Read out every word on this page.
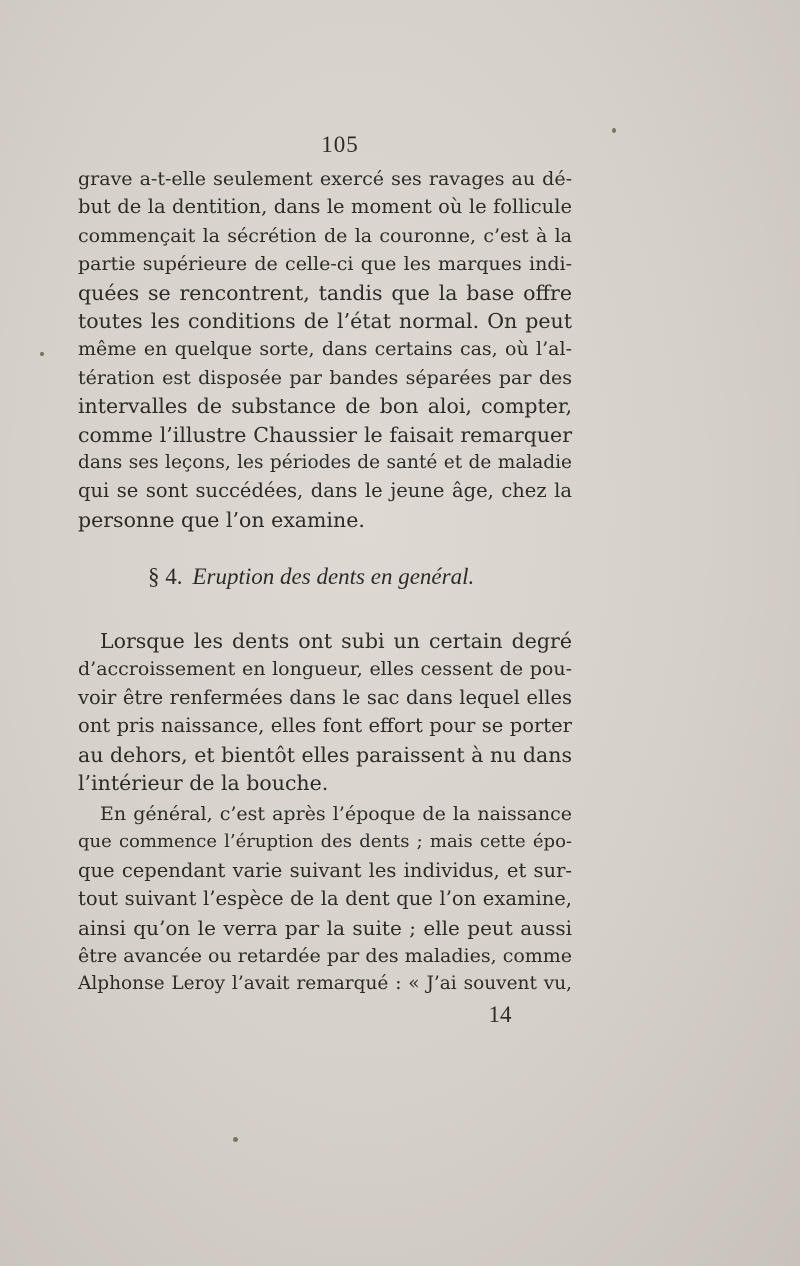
105
grave a-t-elle seulement exercé ses ravages au dé-
but de la dentition, dans le moment où le follicule
commençait la sécrétion de la couronne, c’est à la
partie supérieure de celle-ci que les marques indi-
quées se rencontrent, tandis que la base offre
toutes les conditions de l’état normal. On peut
même en quelque sorte, dans certains cas, où l’al-
tération est disposée par bandes séparées par des
intervalles de substance de bon aloi, compter,
comme l’illustre Chaussier le faisait remarquer
dans ses leçons, les périodes de santé et de maladie
qui se sont succédées, dans le jeune âge, chez la
personne que l’on examine.
§ 4. Eruption des dents en genéral.
Lorsque les dents ont subi un certain degré
d’accroissement en longueur, elles cessent de pou-
voir être renfermées dans le sac dans lequel elles
ont pris naissance, elles font effort pour se porter
au dehors, et bientôt elles paraissent à nu dans
l’intérieur de la bouche.
En général, c’est après l’époque de la naissance
que commence l’éruption des dents ; mais cette épo-
que cependant varie suivant les individus, et sur-
tout suivant l’espèce de la dent que l’on examine,
ainsi qu’on le verra par la suite ; elle peut aussi
être avancée ou retardée par des maladies, comme
Alphonse Leroy l’avait remarqué : « J’ai souvent vu,
14
